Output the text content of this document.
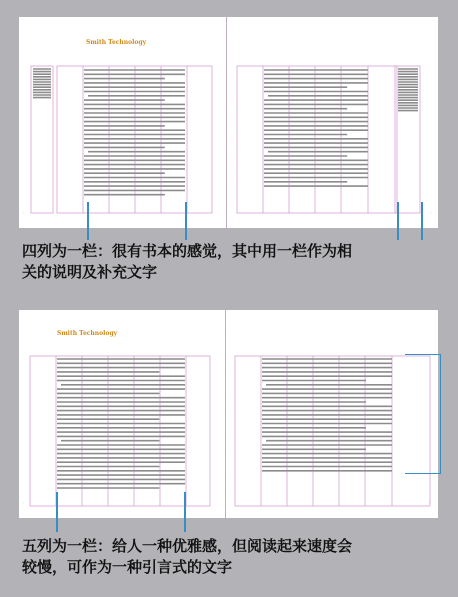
Smith Technology
◦	◦
四列为一栏：很有书本的感觉，其中用一栏作为相
关的说明及补充文字
Smith Technology
◦	◦
五列为一栏：给人一种优雅感，但阅读起来速度会
较慢，可作为一种引言式的文字
